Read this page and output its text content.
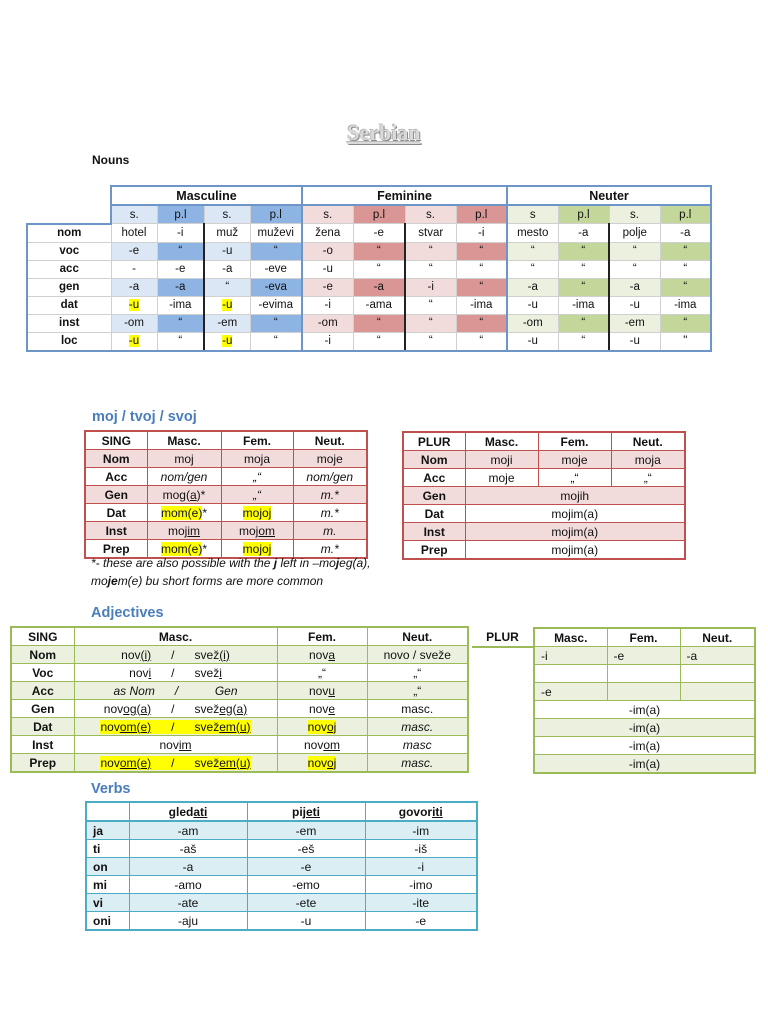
Serbian
Nouns
	Masculine				Feminine				Neuter			
	s.	p.l	s.	p.l	s.	p.l	s.	p.l	s	p.l	s.	p.l
nom	hotel	-i	muž	muževi	žena	-e	stvar	-i	mesto	-a	polje	-a
voc	-e	“	-u	“	-o	“	“	“	“	“	“	“
acc	-	-e	-a	-eve	-u	“	“	“	“	“	“	“
gen	-a	-a	“	-eva	-e	-a	-i	“	-a	“	-a	“
dat	-u	-ima	-u	-evima	-i	-ama	“	-ima	-u	-ima	-u	-ima
inst	-om	“	-em	“	-om	“	“	“	-om	“	-em	“
loc	-u	“	-u	“	-i	“	“	“	-u	“	-u	"
moj / tvoj / svoj
SING	Masc.	Fem.	Neut.
Nom	moj	moja	moje
Acc	nom/gen	„“	nom/gen
Gen	mog(a)*	„“	m.*
Dat	mom(e)*	mojoj	m.*
Inst	mojim	mojom	m.
Prep	mom(e)*	mojoj	m.*
PLUR	Masc.	Fem.	Neut.
Nom	moji	moje	moja
Acc	moje	„“	„“
Gen	mojih		
Dat	mojim(a)		
Inst	mojim(a)		
Prep	mojim(a)		
*- these are also possible with the j left in –mojeg(a),
mojem(e) bu short forms are more common
Adjectives
SING	Masc.	Fem.	Neut.
Nom	nov(i)      /      svež(i)	nova	novo / sveže
Voc	novi      /      sveži	„“	„“
Acc	as Nom      /           Gen	novu	„“
Gen	novog(a)      /      svežeg(a)	nove	masc.
Dat	novom(e)      /      svežem(u)	novoj	masc.
Inst	novim	novom	masc
Prep	novom(e)      /      svežem(u)	novoj	masc.
PLUR	Masc.	Fem.	Neut.
	-i	-e	-a

	-e		
	-im(a)		
	-im(a)		
	-im(a)		
	-im(a)		
Verbs
	gledati	pijeti	govoriti
ja	-am	-em	-im
ti	-aš	-eš	-iš
on	-a	-e	-i
mi	-amo	-emo	-imo
vi	-ate	-ete	-ite
oni	-aju	-u	-e
